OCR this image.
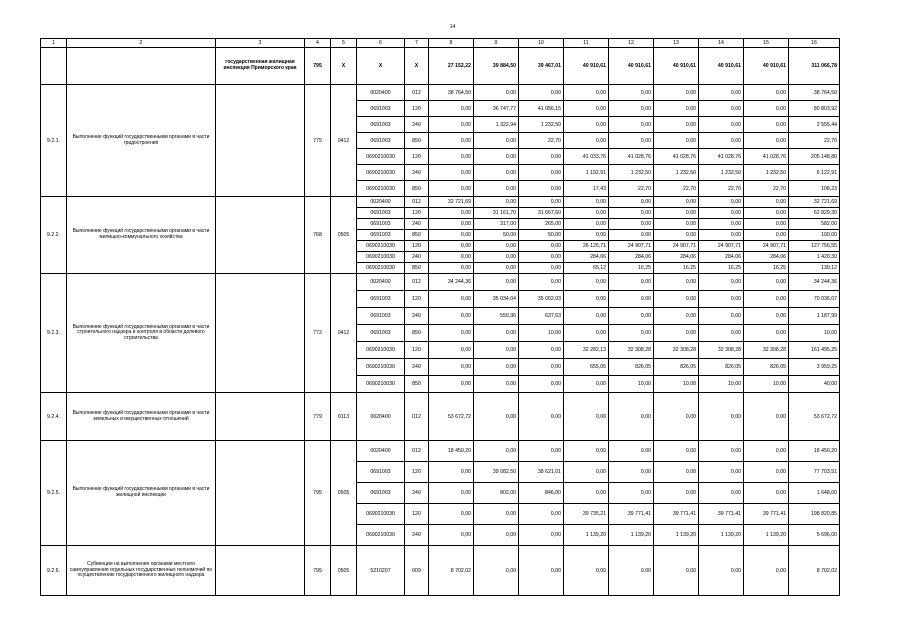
14
1	2	3	4	5	6	7	8	9	10	11	12	13	14	15	16
		государственная жилищная инспекция Приморского края	795	X	X	X	27 152,22	39 884,50	39 467,01	40 910,61	40 910,61	40 910,61	40 910,61	40 910,61	311 066,78
9.2.1.	Выполнение функций государственными органами в части градостроения		775	0412	0020400	012	38 764,50	0,00	0,00	0,00	0,00	0,00	0,00	0,00	38 764,50
					0691003	120	0,00	36 747,77	41 056,15	0,00	0,00	0,00	0,00	0,00	80 803,92
					0691003	240	0,00	1 322,94	1 232,50	0,00	0,00	0,00	0,00	0,00	2 555,44
					0691003	850	0,00	0,00	22,70	0,00	0,00	0,00	0,00	0,00	22,70
					0690210030	120	0,00	0,00	0,00	41 033,76	41 028,76	41 028,76	41 028,76	41 028,76	205 148,80
					0690210030	240	0,00	0,00	0,00	1 192,91	1 232,50	1 232,50	1 232,50	1 232,50	6 122,91
					0690210030	850	0,00	0,00	0,00	17,43	22,70	22,70	22,70	22,70	108,23
9.2.2.	Выполнение функций государственными органами в части жилищно-коммунального хозяйства		768	0505	0020400	012	32 721,69	0,00	0,00	0,00	0,00	0,00	0,00	0,00	32 721,69
					0691003	120	0,00	31 161,70	31 667,60	0,00	0,00	0,00	0,00	0,00	62 829,30
					0691003	240	0,00	317,00	265,00	0,00	0,00	0,00	0,00	0,00	582,00
					0691003	850	0,00	50,00	50,00	0,00	0,00	0,00	0,00	0,00	100,00
					0690210030	120	0,00	0,00	0,00	26 125,71	24 907,71	24 907,71	24 907,71	24 907,71	127 756,55
					0690210030	240	0,00	0,00	0,00	284,06	284,06	284,06	284,06	284,06	1 420,30
					0690210030	850	0,00	0,00	0,00	65,12	16,25	16,25	16,25	16,25	130,12
9.2.3.	Выполнение функций государственными органами в части строительного надзора и контроля в области долевого строительства		772	0412	0020400	012	34 244,36	0,00	0,00	0,00	0,00	0,00	0,00	0,00	34 244,36
					0691003	120	0,00	35 034,04	35 002,03	0,00	0,00	0,00	0,00	0,00	70 036,07
					0691003	240	0,00	550,36	637,63	0,00	0,00	0,00	0,00	0,00	1 187,99
					0691003	850	0,00	0,00	10,00	0,00	0,00	0,00	0,00	0,00	10,00
					0690210030	120	0,00	0,00	0,00	32 282,13	32 308,28	32 308,28	32 308,28	32 308,28	161 495,25
					0690210030	240	0,00	0,00	0,00	655,05	826,05	826,05	826,05	826,05	3 959,25
					0690210030	850	0,00	0,00	0,00	0,00	10,00	10,00	10,00	10,00	40,00
9.2.4.	Выполнение функций государственными органами в части земельных и имущественных отношений		779	0113	0020400	012	53 672,72	0,00	0,00	0,00	0,00	0,00	0,00	0,00	53 672,72
9.2.5.	Выполнение функций государственными органами в части жилищной инспекции		795	0505	0020400	012	18 450,20	0,00	0,00	0,00	0,00	0,00	0,00	0,00	18 450,20
					0691003	120	0,00	39 082,50	38 621,01	0,00	0,00	0,00	0,00	0,00	77 703,51
					0691003	240	0,00	802,00	846,00	0,00	0,00	0,00	0,00	0,00	1 648,00
					0690210030	120	0,00	0,00	0,00	39 735,21	39 771,41	39 771,41	39 771,41	39 771,41	198 820,85
					0690210030	240	0,00	0,00	0,00	1 139,20	1 139,20	1 139,20	1 139,20	1 139,20	5 696,00
9.2.6.	Субвенции на выполнение органами местного самоуправления отдельных государственных полномочий по осуществлению государственного жилищного надзора		795	0505	5210207	009	8 702,02	0,00	0,00	0,00	0,00	0,00	0,00	0,00	8 702,02
